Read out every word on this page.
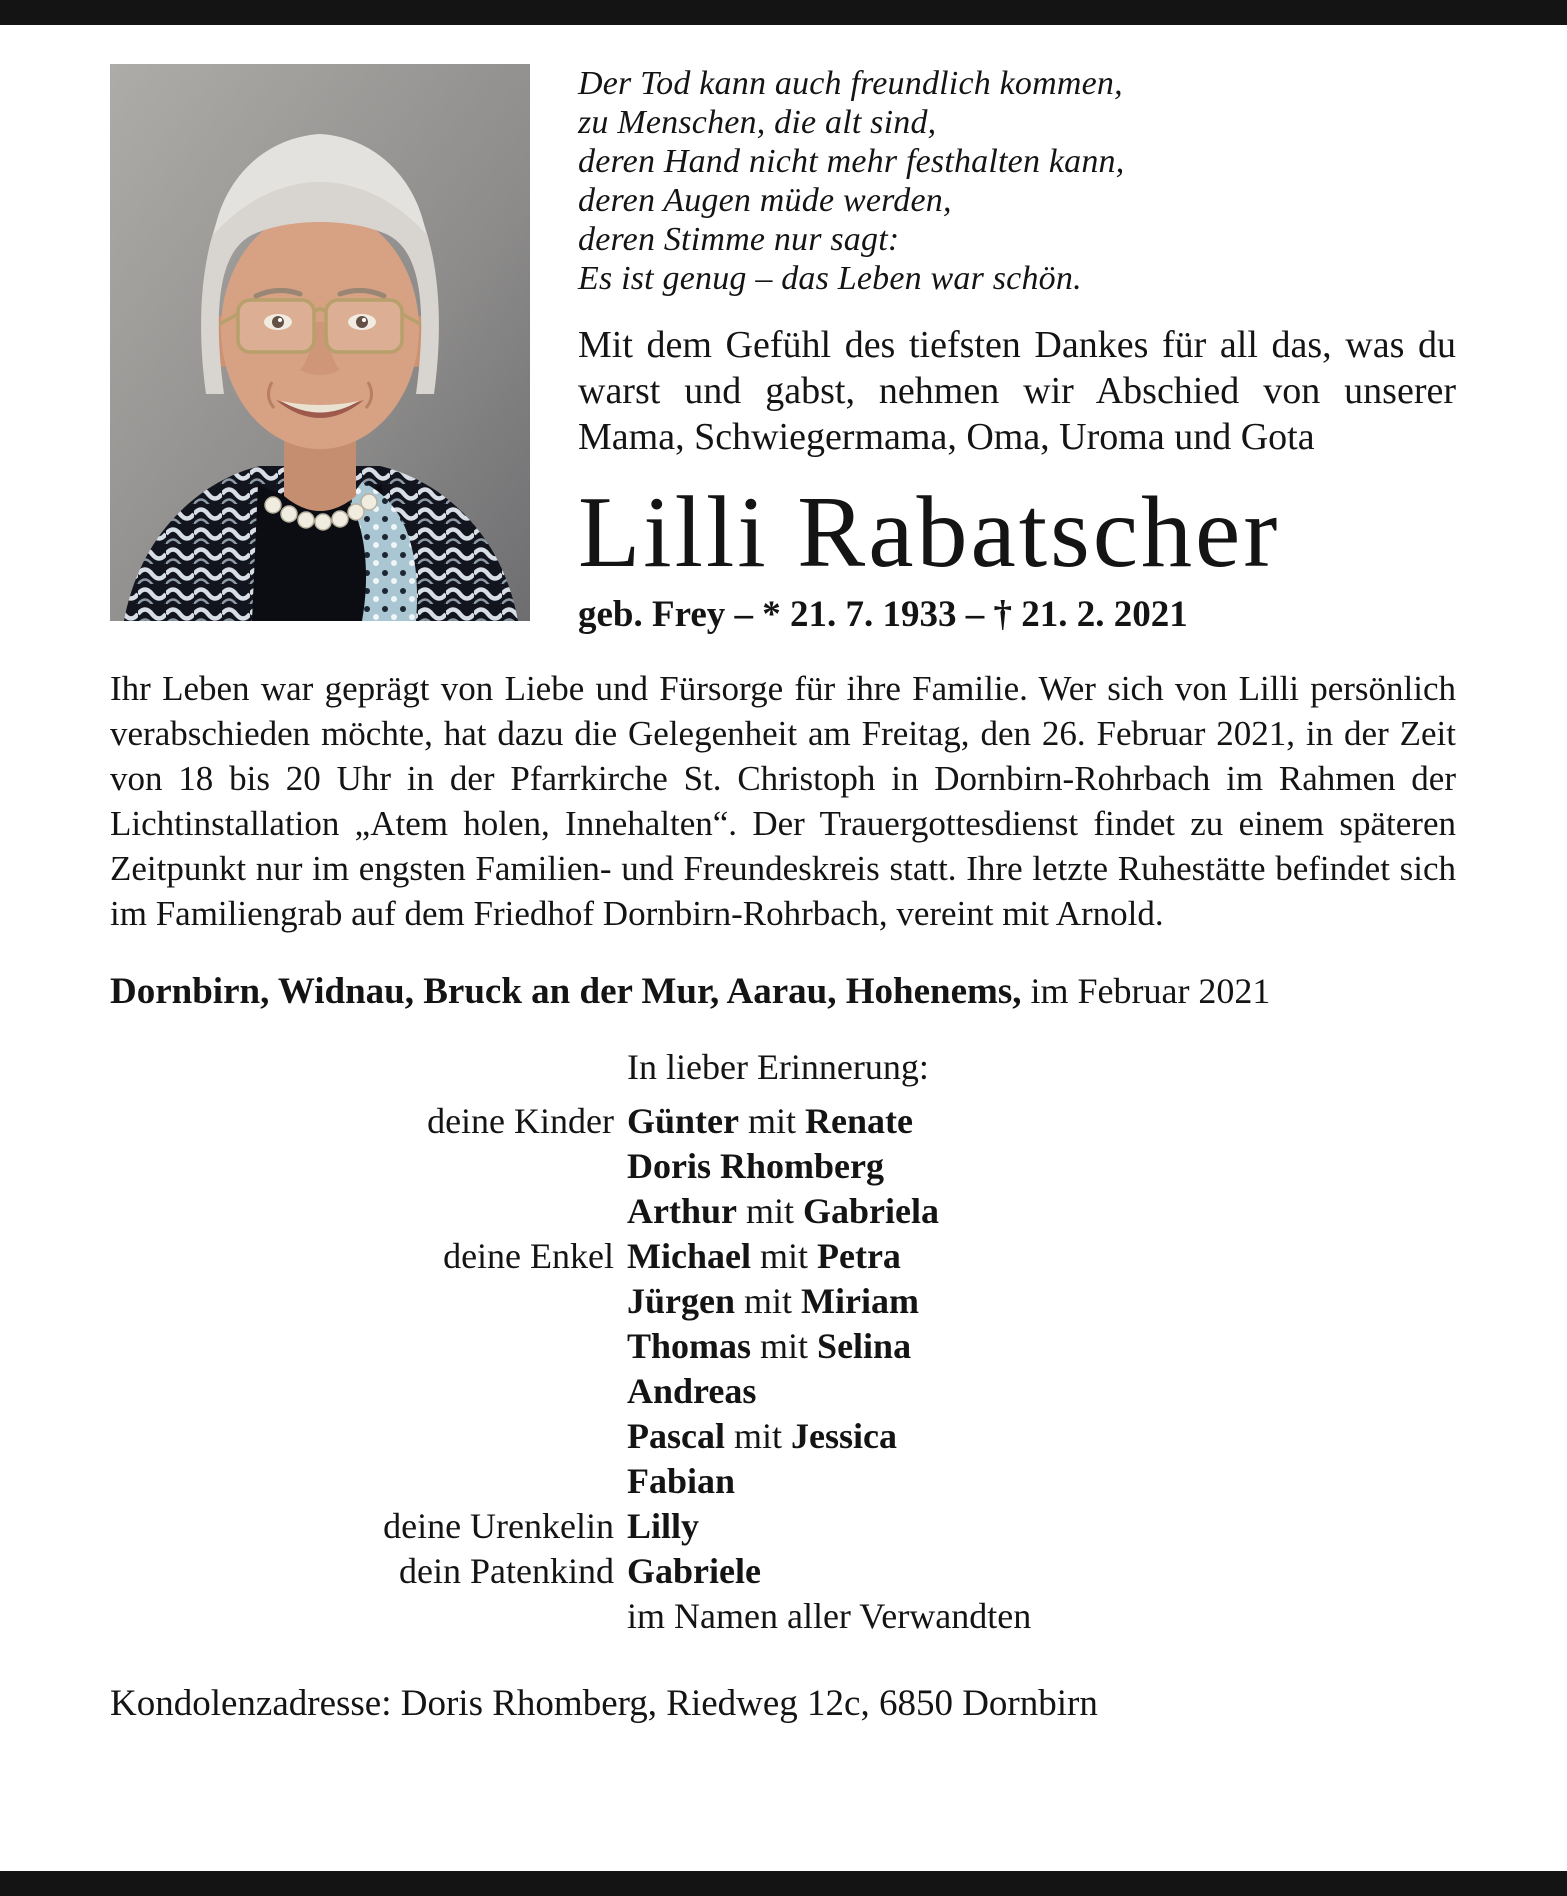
Der Tod kann auch freundlich kommen,
zu Menschen, die alt sind,
deren Hand nicht mehr festhalten kann,
deren Augen müde werden,
deren Stimme nur sagt:
Es ist genug – das Leben war schön.

Mit dem Gefühl des tiefsten Dankes für all das, was du warst und gabst, nehmen wir Abschied von unserer Mama, Schwiegermama, Oma, Uroma und Gota

Lilli Rabatscher
geb. Frey – * 21. 7. 1933 – † 21. 2. 2021

Ihr Leben war geprägt von Liebe und Fürsorge für ihre Familie. Wer sich von Lilli persönlich verabschieden möchte, hat dazu die Gelegenheit am Freitag, den 26. Februar 2021, in der Zeit von 18 bis 20 Uhr in der Pfarrkirche St. Christoph in Dornbirn-Rohrbach im Rahmen der Lichtinstallation „Atem holen, Innehalten“. Der Trauergottesdienst findet zu einem späteren Zeitpunkt nur im engsten Familien- und Freundeskreis statt. Ihre letzte Ruhestätte befindet sich im Familiengrab auf dem Friedhof Dornbirn-Rohrbach, vereint mit Arnold.

Dornbirn, Widnau, Bruck an der Mur, Aarau, Hohenems, im Februar 2021

In lieber Erinnerung:
deine Kinder Günter mit Renate
Doris Rhomberg
Arthur mit Gabriela
deine Enkel Michael mit Petra
Jürgen mit Miriam
Thomas mit Selina
Andreas
Pascal mit Jessica
Fabian
deine Urenkelin Lilly
dein Patenkind Gabriele
im Namen aller Verwandten

Kondolenzadresse: Doris Rhomberg, Riedweg 12c, 6850 Dornbirn
